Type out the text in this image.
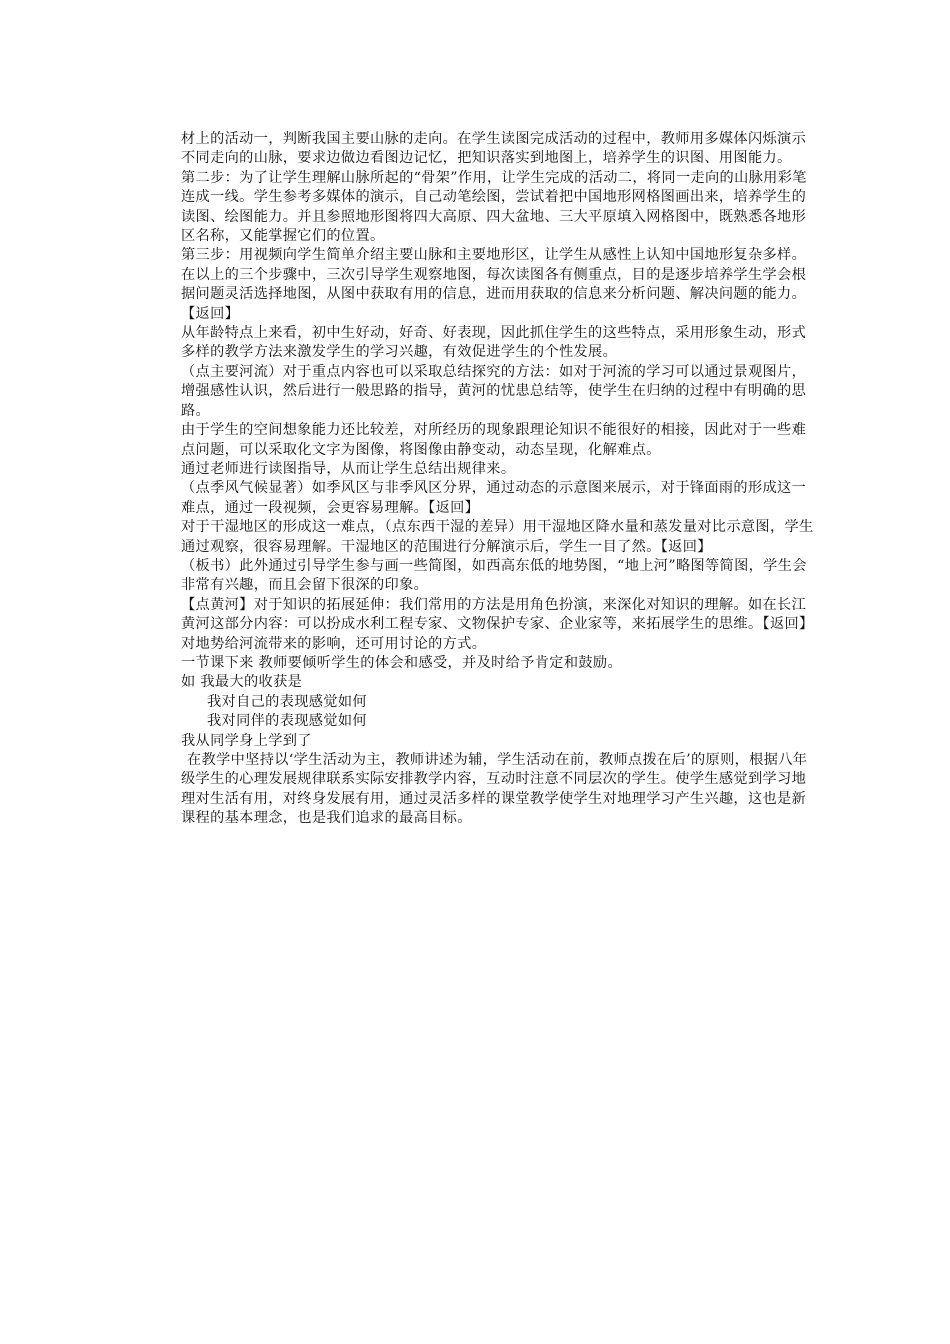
材上的活动一，判断我国主要山脉的走向。在学生读图完成活动的过程中，教师用多媒体闪烁演示不同走向的山脉，要求边做边看图边记忆，把知识落实到地图上，培养学生的识图、用图能力。

第二步：为了让学生理解山脉所起的“骨架”作用，让学生完成的活动二，将同一走向的山脉用彩笔连成一线。学生参考多媒体的演示，自己动笔绘图，尝试着把中国地形网格图画出来，培养学生的读图、绘图能力。并且参照地形图将四大高原、四大盆地、三大平原填入网格图中，既熟悉各地形区名称，又能掌握它们的位置。

第三步：用视频向学生简单介绍主要山脉和主要地形区，让学生从感性上认知中国地形复杂多样。

在以上的三个步骤中，三次引导学生观察地图，每次读图各有侧重点，目的是逐步培养学生学会根据问题灵活选择地图，从图中获取有用的信息，进而用获取的信息来分析问题、解决问题的能力。【返回】

从年龄特点上来看，初中生好动，好奇、好表现，因此抓住学生的这些特点，采用形象生动，形式多样的教学方法来激发学生的学习兴趣，有效促进学生的个性发展。

（点主要河流）对于重点内容也可以采取总结探究的方法：如对于河流的学习可以通过景观图片，增强感性认识，然后进行一般思路的指导，黄河的忧患总结等，使学生在归纳的过程中有明确的思路。

由于学生的空间想象能力还比较差，对所经历的现象跟理论知识不能很好的相接，因此对于一些难点问题，可以采取化文字为图像，将图像由静变动，动态呈现，化解难点。

通过老师进行读图指导，从而让学生总结出规律来。

（点季风气候显著）如季风区与非季风区分界，通过动态的示意图来展示，对于锋面雨的形成这一难点，通过一段视频，会更容易理解。【返回】

对于干湿地区的形成这一难点，（点东西干湿的差异）用干湿地区降水量和蒸发量对比示意图，学生通过观察，很容易理解。干湿地区的范围进行分解演示后，学生一目了然。【返回】

（板书）此外通过引导学生参与画一些简图，如西高东低的地势图，“地上河”略图等简图，学生会非常有兴趣，而且会留下很深的印象。

【点黄河】对于知识的拓展延伸：我们常用的方法是用角色扮演，来深化对知识的理解。如在长江黄河这部分内容：可以扮成水利工程专家、文物保护专家、企业家等，来拓展学生的思维。【返回】

对地势给河流带来的影响，还可用讨论的方式。

一节课下来 教师要倾听学生的体会和感受，并及时给予肯定和鼓励。

如 我最大的收获是

我对自己的表现感觉如何

我对同伴的表现感觉如何

我从同学身上学到了

在教学中坚持以‘学生活动为主，教师讲述为辅，学生活动在前，教师点拨在后’的原则，根据八年级学生的心理发展规律联系实际安排教学内容，互动时注意不同层次的学生。使学生感觉到学习地理对生活有用，对终身发展有用，通过灵活多样的课堂教学使学生对地理学习产生兴趣，这也是新课程的基本理念，也是我们追求的最高目标。
